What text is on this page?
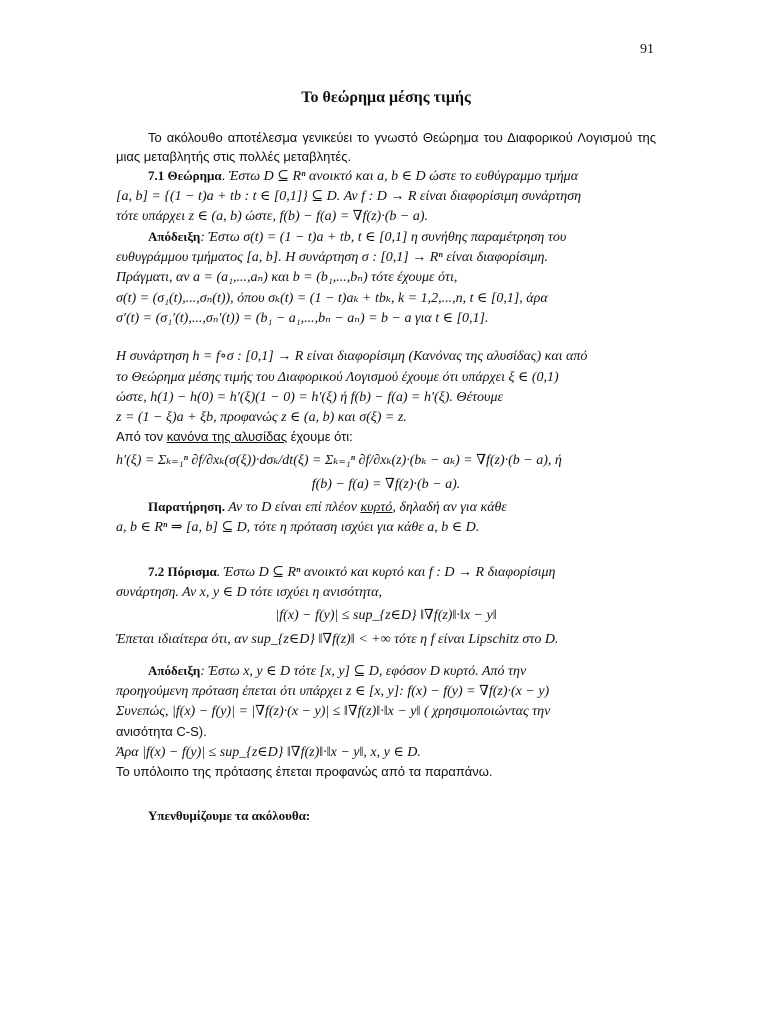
91
Το θεώρημα μέσης τιμής

Το ακόλουθο αποτέλεσμα γενικεύει το γνωστό Θεώρημα του Διαφορικού Λογισμού της μιας μεταβλητής στις πολλές μεταβλητές.

7.1 Θεώρημα. Έστω D ⊆ Rⁿ ανοικτό και a, b ∈ D ώστε το ευθύγραμμο τμήμα
[a, b] = {(1 − t)a + tb : t ∈ [0,1]} ⊆ D. Αν f : D → R είναι διαφορίσιμη συνάρτηση
τότε υπάρχει z ∈ (a, b) ώστε, f(b) − f(a) = ∇f(z)·(b − a).
Απόδειξη: Έστω σ(t) = (1 − t)a + tb, t ∈ [0,1] η συνήθης παραμέτρηση του
ευθυγράμμου τμήματος [a, b]. Η συνάρτηση σ : [0,1] → Rⁿ είναι διαφορίσιμη.
Πράγματι, αν a = (a₁,...,aₙ) και b = (b₁,...,bₙ) τότε έχουμε ότι,
σ(t) = (σ₁(t),...,σₙ(t)), όπου σₖ(t) = (1 − t)aₖ + tbₖ, k = 1,2,...,n, t ∈ [0,1], άρα
σ′(t) = (σ₁′(t),...,σₙ′(t)) = (b₁ − a₁,...,bₙ − aₙ) = b − a για t ∈ [0,1].
Η συνάρτηση h = f∘σ : [0,1] → R είναι διαφορίσιμη (Κανόνας της αλυσίδας) και από
το Θεώρημα μέσης τιμής του Διαφορικού Λογισμού έχουμε ότι υπάρχει ξ ∈ (0,1)
ώστε, h(1) − h(0) = h′(ξ)(1 − 0) = h′(ξ) ή f(b) − f(a) = h′(ξ). Θέτουμε
z = (1 − ξ)a + ξb, προφανώς z ∈ (a, b) και σ(ξ) = z.
Από τον κανόνα της αλυσίδας έχουμε ότι:
h′(ξ) = Σₖ₌₁ⁿ ∂f/∂xₖ(σ(ξ))·dσₖ/dt(ξ) = Σₖ₌₁ⁿ ∂f/∂xₖ(z)·(bₖ − aₖ) = ∇f(z)·(b − a), ή
f(b) − f(a) = ∇f(z)·(b − a).
Παρατήρηση. Αν το D είναι επί πλέον κυρτό, δηλαδή αν για κάθε
a, b ∈ Rⁿ ⇒ [a, b] ⊆ D, τότε η πρόταση ισχύει για κάθε a, b ∈ D.
7.2 Πόρισμα. Έστω D ⊆ Rⁿ ανοικτό και κυρτό και f : D → R διαφορίσιμη
συνάρτηση. Αν x, y ∈ D τότε ισχύει η ανισότητα,
|f(x) − f(y)| ≤ sup_{z∈D} ‖∇f(z)‖·‖x − y‖
Έπεται ιδιαίτερα ότι, αν sup_{z∈D} ‖∇f(z)‖ < +∞ τότε η f είναι Lipschitz στο D.
Απόδειξη: Έστω x, y ∈ D τότε [x, y] ⊆ D, εφόσον D κυρτό. Από την
προηγούμενη πρόταση έπεται ότι υπάρχει z ∈ [x, y]: f(x) − f(y) = ∇f(z)·(x − y)
Συνεπώς, |f(x) − f(y)| = |∇f(z)·(x − y)| ≤ ‖∇f(z)‖·‖x − y‖ ( χρησιμοποιώντας την
ανισότητα C-S).
Άρα |f(x) − f(y)| ≤ sup_{z∈D} ‖∇f(z)‖·‖x − y‖, x, y ∈ D.
Το υπόλοιπο της πρότασης έπεται προφανώς από τα παραπάνω.
Υπενθυμίζουμε τα ακόλουθα:
